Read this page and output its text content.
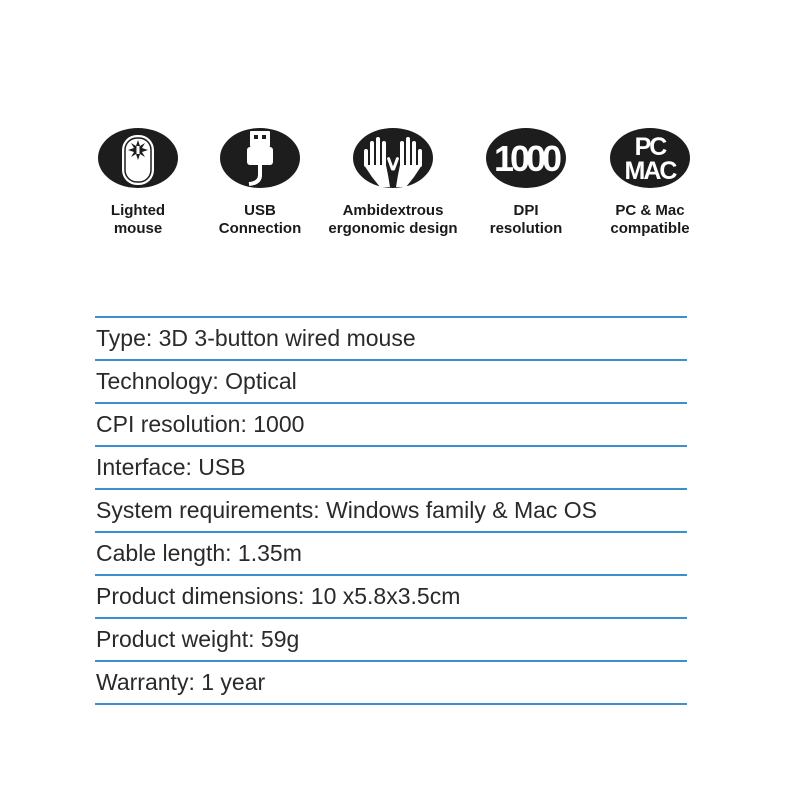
Lighted
mouse
USB
Connection
Ambidextrous
ergonomic design
1000
DPI
resolution
PC
MAC
PC & Mac
compatible
Type: 3D 3-button wired mouse
Technology: Optical
CPI resolution: 1000
Interface: USB
System requirements: Windows family & Mac OS
Cable length: 1.35m
Product dimensions: 10 x5.8x3.5cm
Product weight: 59g
Warranty: 1 year
